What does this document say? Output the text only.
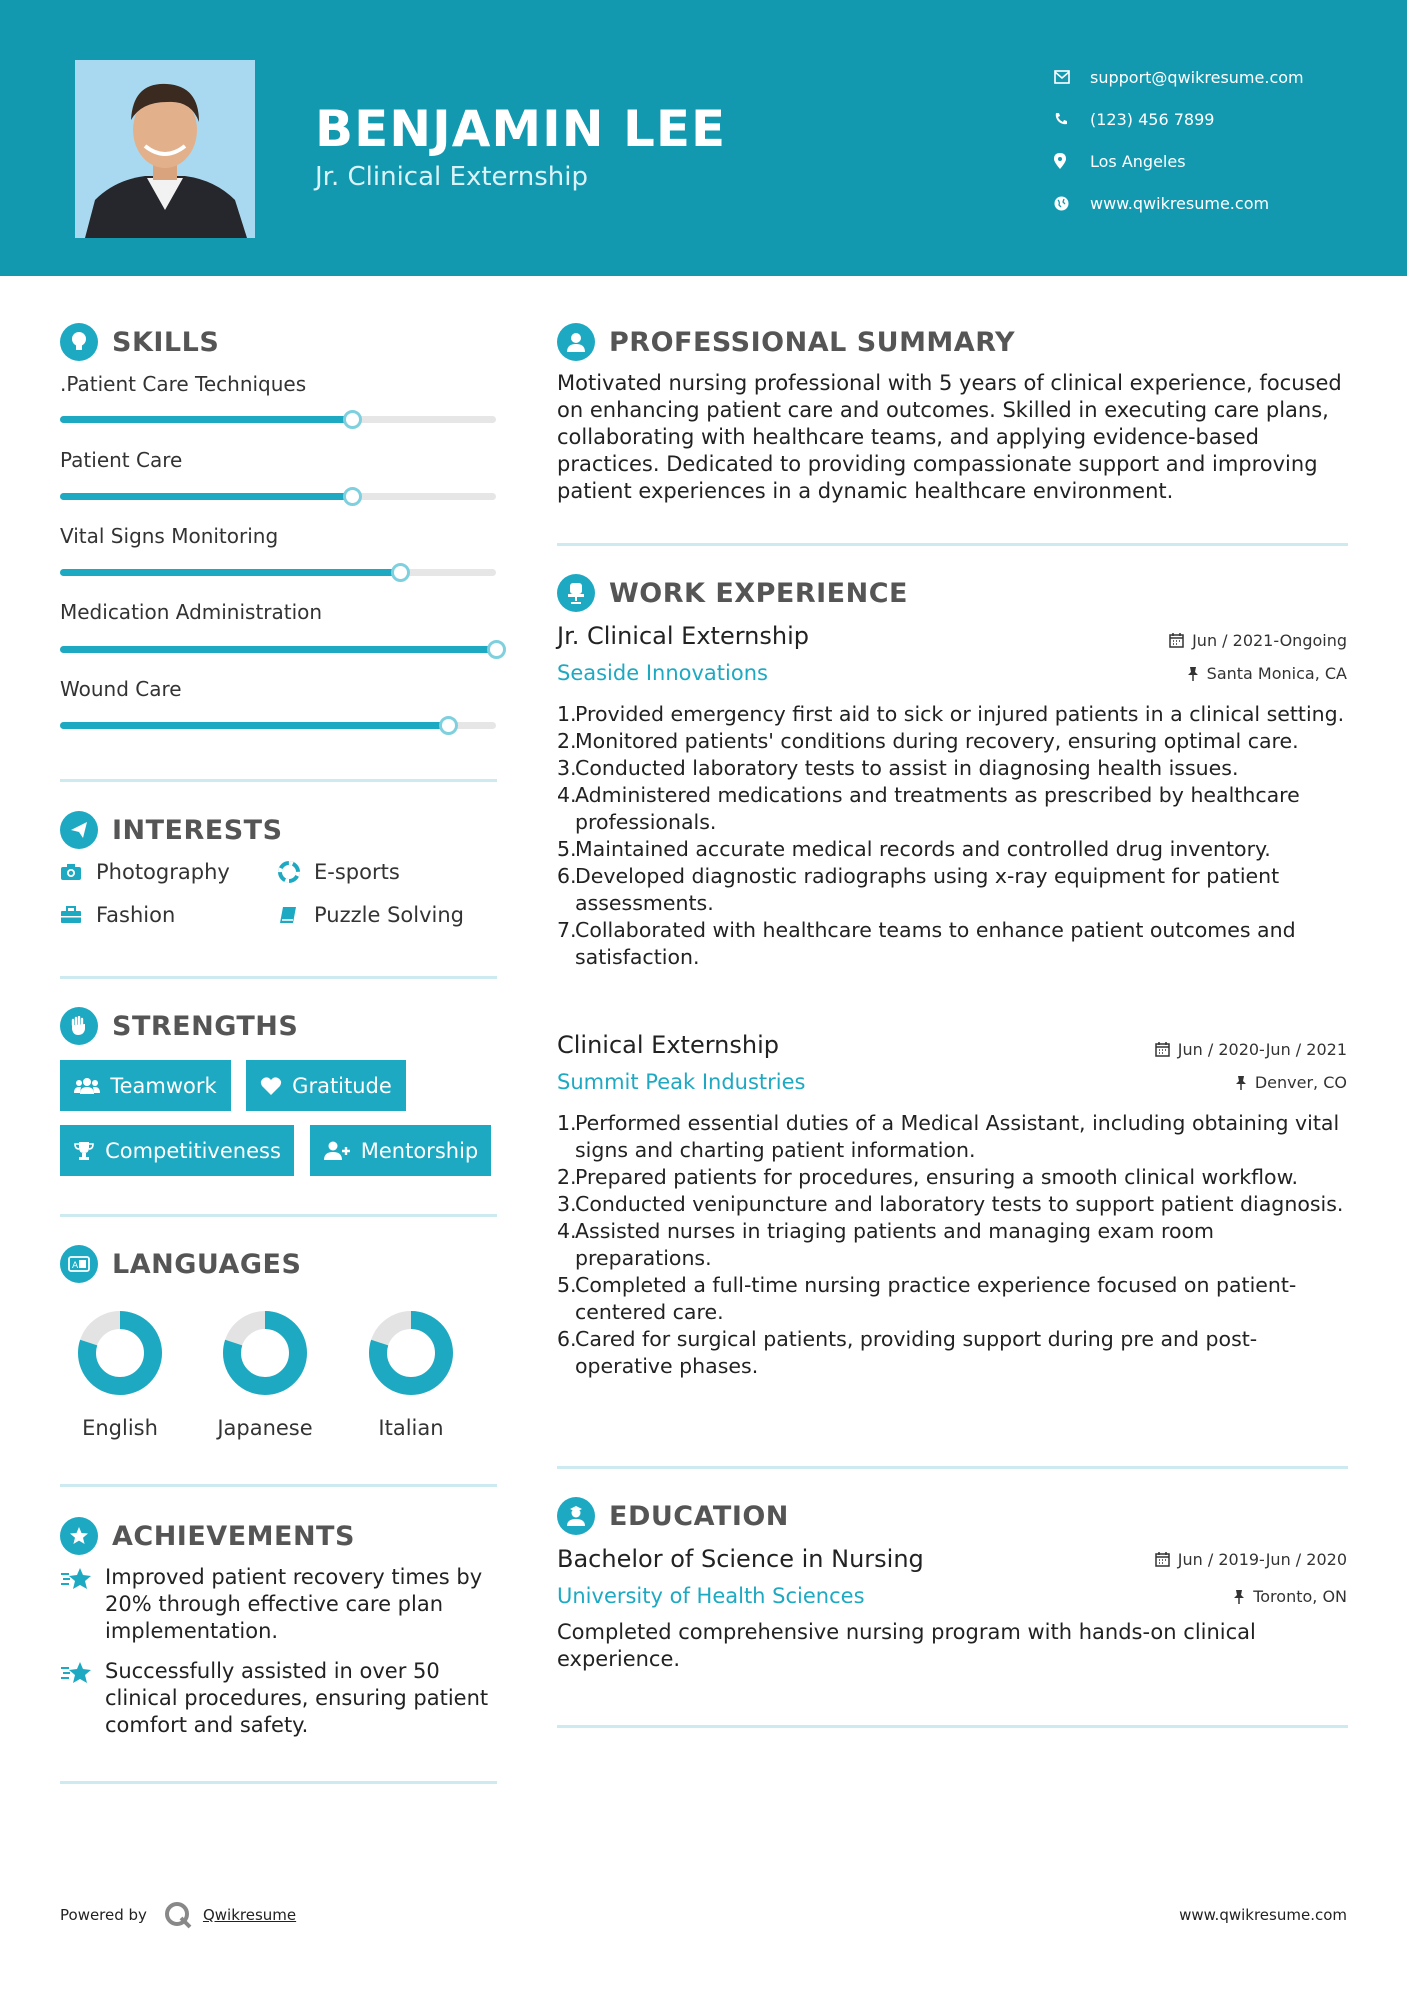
BENJAMIN LEE
Jr. Clinical Externship
support@qwikresume.com
(123) 456 7899
Los Angeles
www.qwikresume.com
SKILLS
.Patient Care Techniques
Patient Care
Vital Signs Monitoring
Medication Administration
Wound Care
INTERESTS
Photography	E-sports
Fashion	Puzzle Solving
STRENGTHS
Teamwork	Gratitude
Competitiveness	Mentorship
A LANGUAGES
English	Japanese	Italian
ACHIEVEMENTS
Improved patient recovery times by 20% through effective care plan implementation.
Successfully assisted in over 50 clinical procedures, ensuring patient comfort and safety.
PROFESSIONAL SUMMARY
Motivated nursing professional with 5 years of clinical experience, focused on enhancing patient care and outcomes. Skilled in executing care plans, collaborating with healthcare teams, and applying evidence-based practices. Dedicated to providing compassionate support and improving patient experiences in a dynamic healthcare environment.
WORK EXPERIENCE
Jr. Clinical Externship	Jun / 2021-Ongoing
Seaside Innovations	Santa Monica, CA
1.
Provided emergency first aid to sick or injured patients in a clinical setting.
2.
Monitored patients' conditions during recovery, ensuring optimal care.
3.
Conducted laboratory tests to assist in diagnosing health issues.
4.
Administered medications and treatments as prescribed by healthcare professionals.
5.
Maintained accurate medical records and controlled drug inventory.
6.
Developed diagnostic radiographs using x-ray equipment for patient assessments.
7.
Collaborated with healthcare teams to enhance patient outcomes and satisfaction.
Clinical Externship	Jun / 2020-Jun / 2021
Summit Peak Industries	Denver, CO
1.
Performed essential duties of a Medical Assistant, including obtaining vital signs and charting patient information.
2.
Prepared patients for procedures, ensuring a smooth clinical workflow.
3.
Conducted venipuncture and laboratory tests to support patient diagnosis.
4.
Assisted nurses in triaging patients and managing exam room preparations.
5.
Completed a full-time nursing practice experience focused on patient-centered care.
6.
Cared for surgical patients, providing support during pre and post-operative phases.
EDUCATION
Bachelor of Science in Nursing	Jun / 2019-Jun / 2020
University of Health Sciences	Toronto, ON
Completed comprehensive nursing program with hands-on clinical experience.
Powered by	Qwikresume	www.qwikresume.com
